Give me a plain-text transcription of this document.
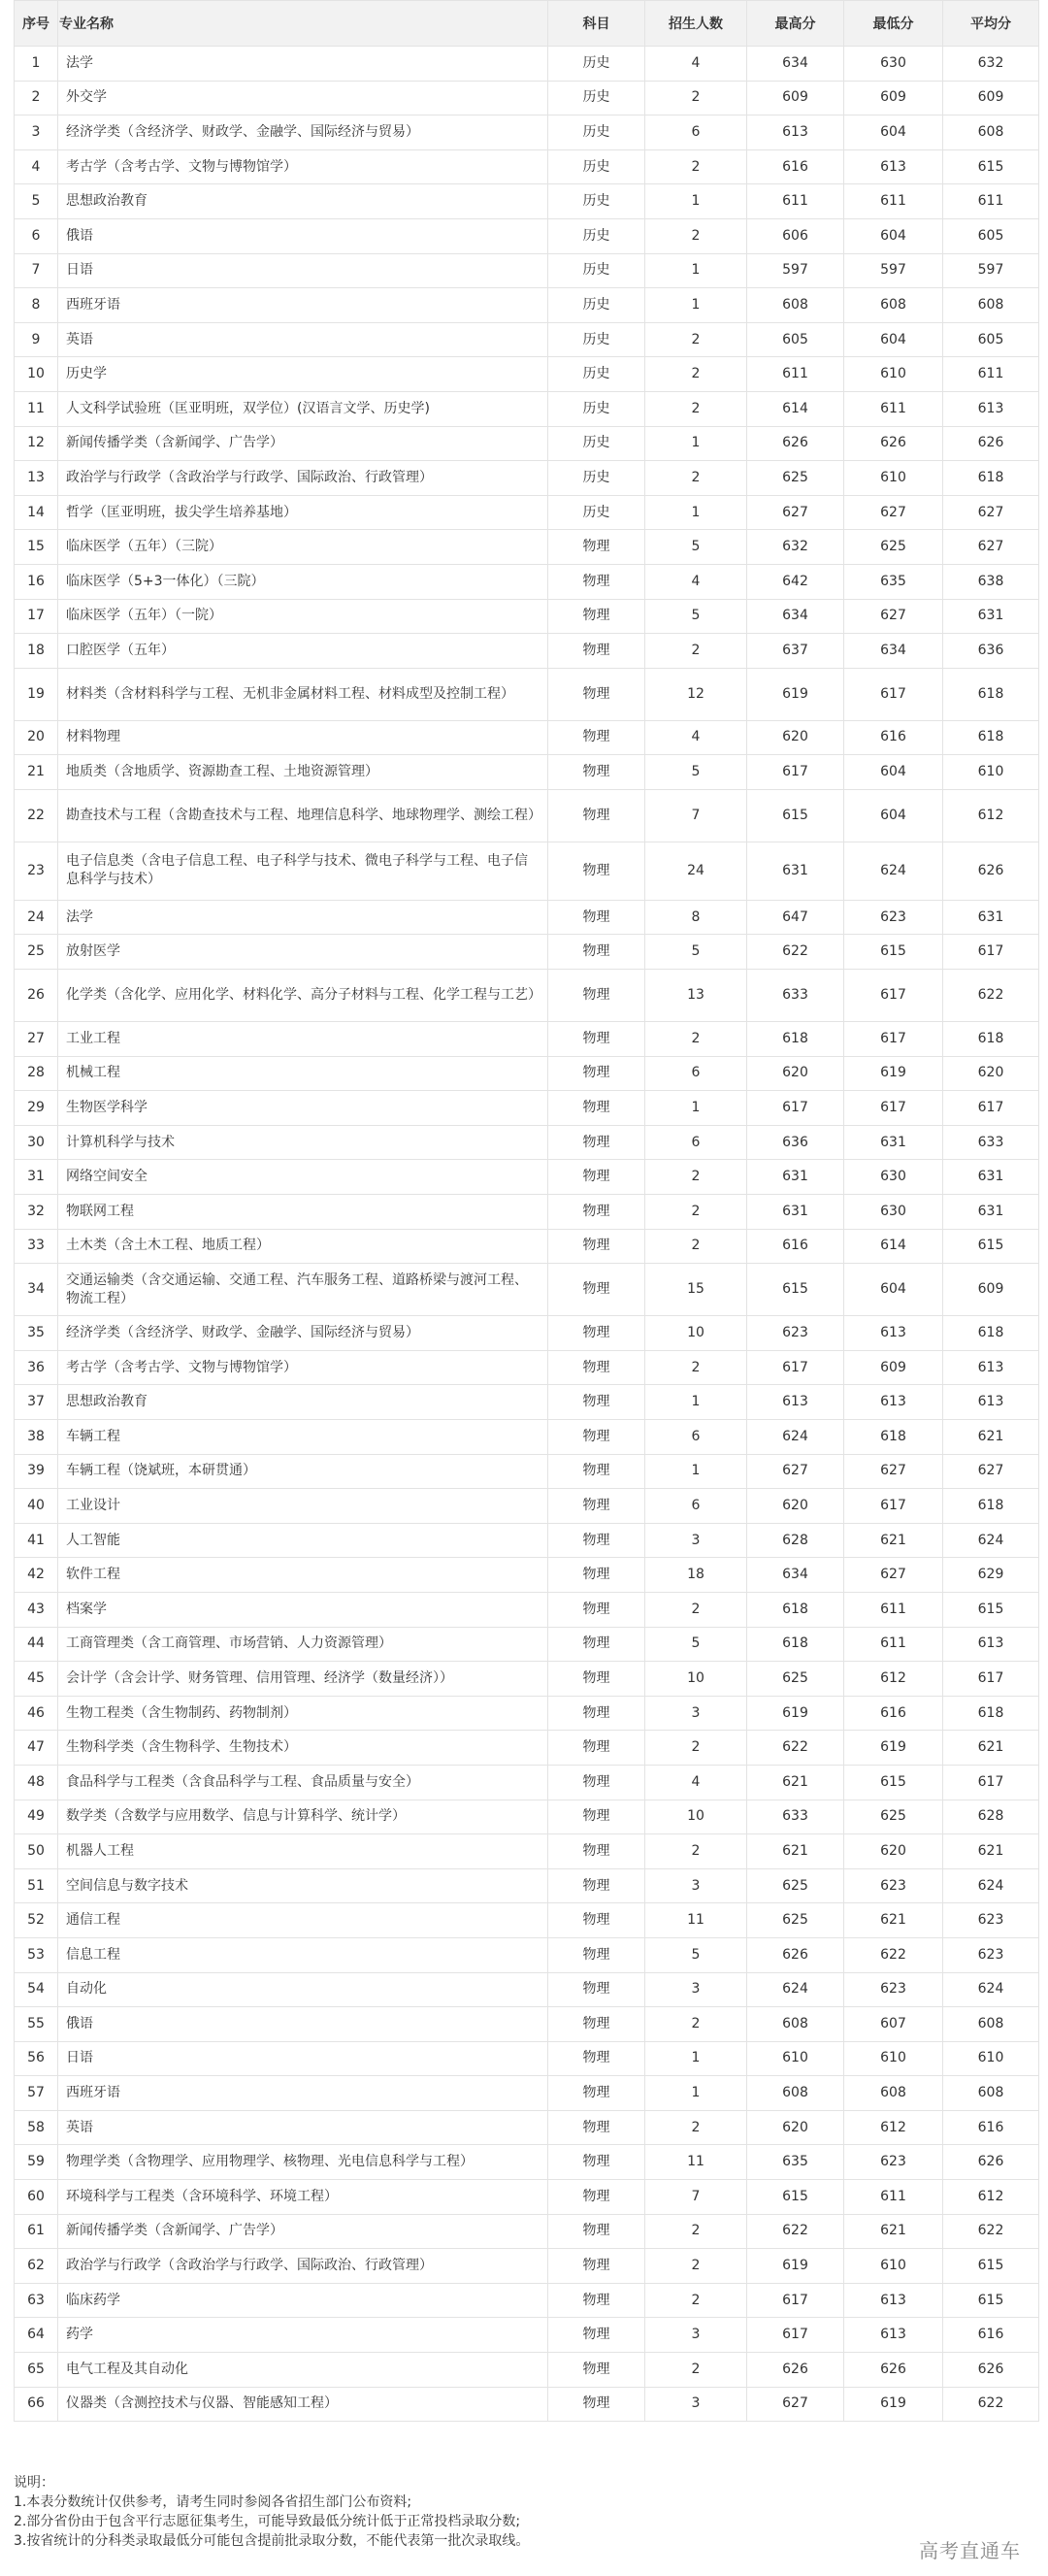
序号	专业名称	科目	招生人数	最高分	最低分	平均分
1	法学	历史	4	634	630	632
2	外交学	历史	2	609	609	609
3	经济学类（含经济学、财政学、金融学、国际经济与贸易）	历史	6	613	604	608
4	考古学（含考古学、文物与博物馆学）	历史	2	616	613	615
5	思想政治教育	历史	1	611	611	611
6	俄语	历史	2	606	604	605
7	日语	历史	1	597	597	597
8	西班牙语	历史	1	608	608	608
9	英语	历史	2	605	604	605
10	历史学	历史	2	611	610	611
11	人文科学试验班（匡亚明班，双学位）(汉语言文学、历史学)	历史	2	614	611	613
12	新闻传播学类（含新闻学、广告学）	历史	1	626	626	626
13	政治学与行政学（含政治学与行政学、国际政治、行政管理）	历史	2	625	610	618
14	哲学（匡亚明班，拔尖学生培养基地）	历史	1	627	627	627
15	临床医学（五年）（三院）	物理	5	632	625	627
16	临床医学（5+3一体化）（三院）	物理	4	642	635	638
17	临床医学（五年）（一院）	物理	5	634	627	631
18	口腔医学（五年）	物理	2	637	634	636
19	材料类（含材料科学与工程、无机非金属材料工程、材料成型及控制工程）	物理	12	619	617	618
20	材料物理	物理	4	620	616	618
21	地质类（含地质学、资源勘查工程、土地资源管理）	物理	5	617	604	610
22	勘查技术与工程（含勘查技术与工程、地理信息科学、地球物理学、测绘工程）	物理	7	615	604	612
23	电子信息类（含电子信息工程、电子科学与技术、微电子科学与工程、电子信息科学与技术）	物理	24	631	624	626
24	法学	物理	8	647	623	631
25	放射医学	物理	5	622	615	617
26	化学类（含化学、应用化学、材料化学、高分子材料与工程、化学工程与工艺）	物理	13	633	617	622
27	工业工程	物理	2	618	617	618
28	机械工程	物理	6	620	619	620
29	生物医学科学	物理	1	617	617	617
30	计算机科学与技术	物理	6	636	631	633
31	网络空间安全	物理	2	631	630	631
32	物联网工程	物理	2	631	630	631
33	土木类（含土木工程、地质工程）	物理	2	616	614	615
34	交通运输类（含交通运输、交通工程、汽车服务工程、道路桥梁与渡河工程、物流工程）	物理	15	615	604	609
35	经济学类（含经济学、财政学、金融学、国际经济与贸易）	物理	10	623	613	618
36	考古学（含考古学、文物与博物馆学）	物理	2	617	609	613
37	思想政治教育	物理	1	613	613	613
38	车辆工程	物理	6	624	618	621
39	车辆工程（饶斌班，本研贯通）	物理	1	627	627	627
40	工业设计	物理	6	620	617	618
41	人工智能	物理	3	628	621	624
42	软件工程	物理	18	634	627	629
43	档案学	物理	2	618	611	615
44	工商管理类（含工商管理、市场营销、人力资源管理）	物理	5	618	611	613
45	会计学（含会计学、财务管理、信用管理、经济学（数量经济））	物理	10	625	612	617
46	生物工程类（含生物制药、药物制剂）	物理	3	619	616	618
47	生物科学类（含生物科学、生物技术）	物理	2	622	619	621
48	食品科学与工程类（含食品科学与工程、食品质量与安全）	物理	4	621	615	617
49	数学类（含数学与应用数学、信息与计算科学、统计学）	物理	10	633	625	628
50	机器人工程	物理	2	621	620	621
51	空间信息与数字技术	物理	3	625	623	624
52	通信工程	物理	11	625	621	623
53	信息工程	物理	5	626	622	623
54	自动化	物理	3	624	623	624
55	俄语	物理	2	608	607	608
56	日语	物理	1	610	610	610
57	西班牙语	物理	1	608	608	608
58	英语	物理	2	620	612	616
59	物理学类（含物理学、应用物理学、核物理、光电信息科学与工程）	物理	11	635	623	626
60	环境科学与工程类（含环境科学、环境工程）	物理	7	615	611	612
61	新闻传播学类（含新闻学、广告学）	物理	2	622	621	622
62	政治学与行政学（含政治学与行政学、国际政治、行政管理）	物理	2	619	610	615
63	临床药学	物理	2	617	613	615
64	药学	物理	3	617	613	616
65	电气工程及其自动化	物理	2	626	626	626
66	仪器类（含测控技术与仪器、智能感知工程）	物理	3	627	619	622
说明：
1.本表分数统计仅供参考，请考生同时参阅各省招生部门公布资料;
2.部分省份由于包含平行志愿征集考生，可能导致最低分统计低于正常投档录取分数;
3.按省统计的分科类录取最低分可能包含提前批录取分数，不能代表第一批次录取线。	高考直通车
